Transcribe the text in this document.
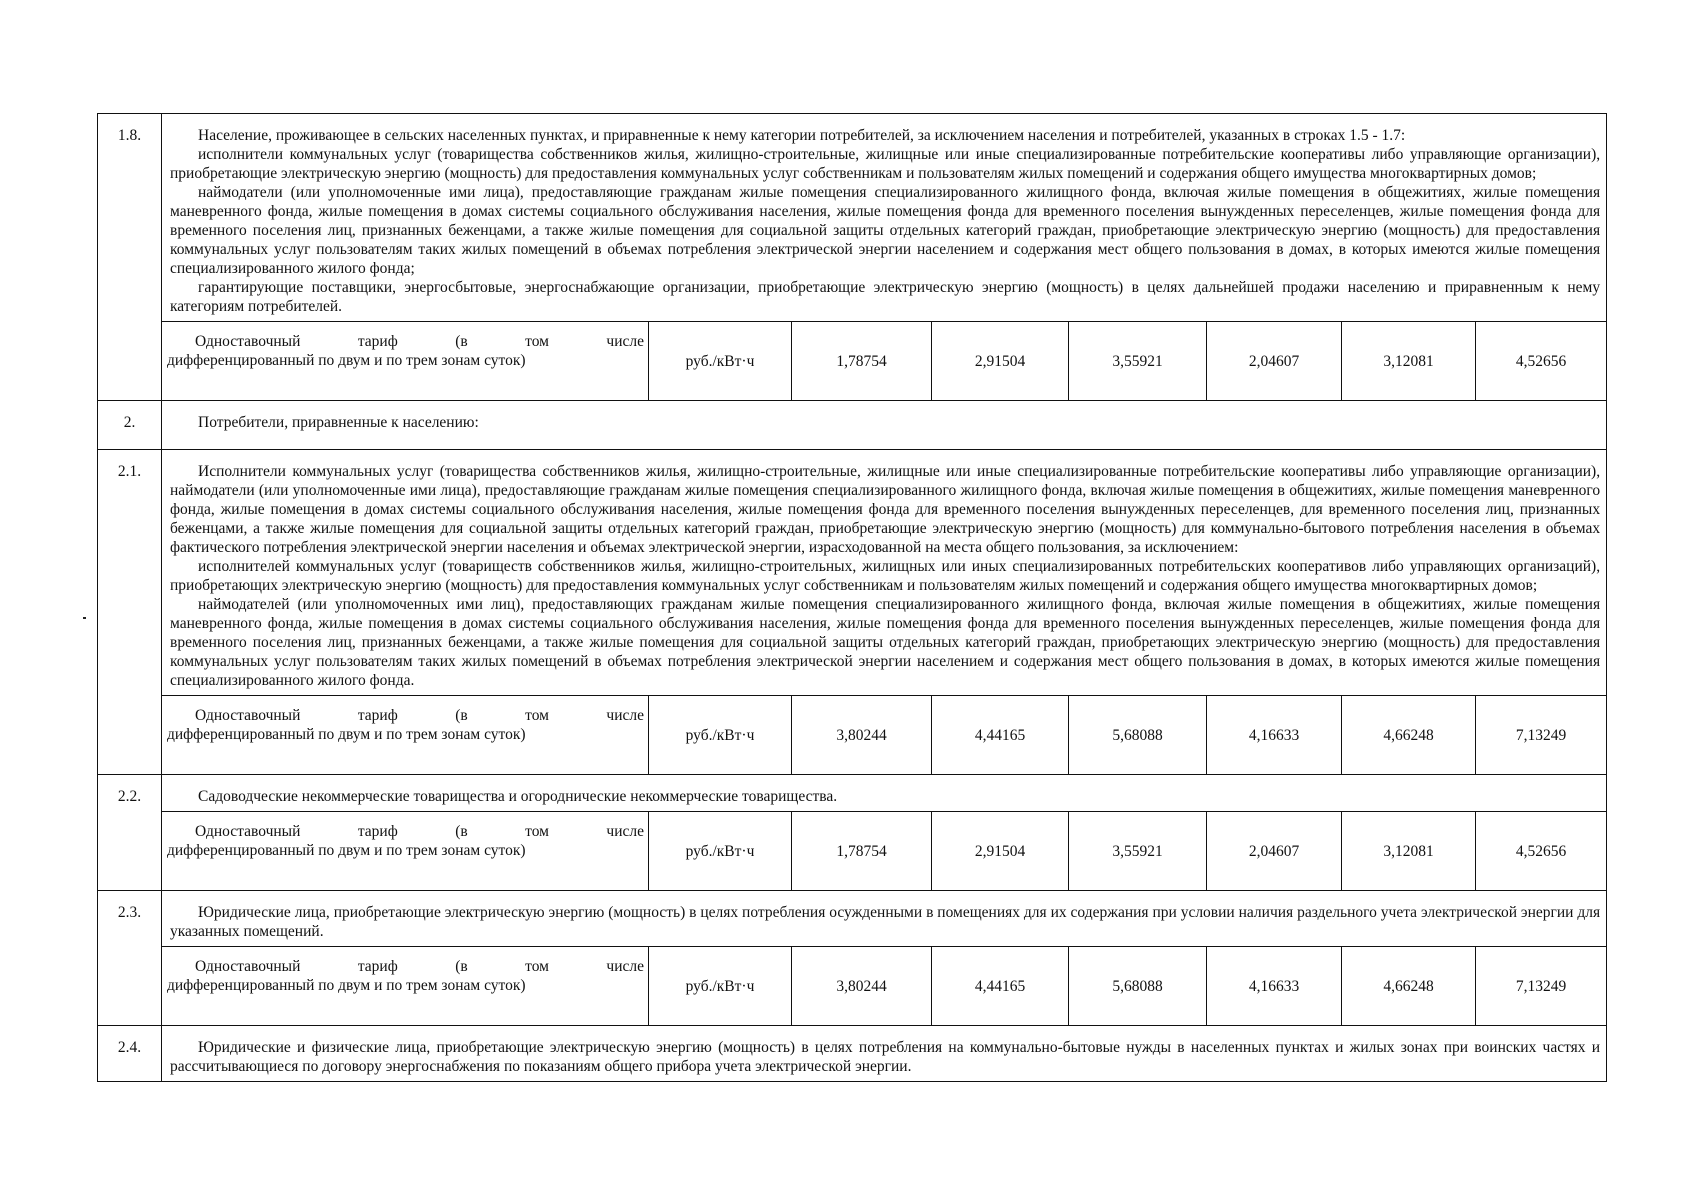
1.8.	Население, проживающее в сельских населенных пунктах, и приравненные к нему категории потребителей, за исключением населения и потребителей, указанных в строках 1.5 - 1.7:

исполнители коммунальных услуг (товарищества собственников жилья, жилищно-строительные, жилищные или иные специализированные потребительские кооперативы либо управляющие организации), приобретающие электрическую энергию (мощность) для предоставления коммунальных услуг собственникам и пользователям жилых помещений и содержания общего имущества многоквартирных домов;

наймодатели (или уполномоченные ими лица), предоставляющие гражданам жилые помещения специализированного жилищного фонда, включая жилые помещения в общежитиях, жилые помещения маневренного фонда, жилые помещения в домах системы социального обслуживания населения, жилые помещения фонда для временного поселения вынужденных переселенцев, жилые помещения фонда для временного поселения лиц, признанных беженцами, а также жилые помещения для социальной защиты отдельных категорий граждан, приобретающие электрическую энергию (мощность) для предоставления коммунальных услуг пользователям таких жилых помещений в объемах потребления электрической энергии населением и содержания мест общего пользования в домах, в которых имеются жилые помещения специализированного жилого фонда;

гарантирующие поставщики, энергосбытовые, энергоснабжающие организации, приобретающие электрическую энергию (мощность) в целях дальнейшей продажи населению и приравненным к нему категориям потребителей.							

	Одноставочный тариф (в том числе
дифференцированный по двум и по трем зонам суток)	руб./кВт·ч	1,78754	2,91504	3,55921	2,04607	3,12081	4,52656
2.	Потребители, приравненные к населению:							

2.1.	Исполнители коммунальных услуг (товарищества собственников жилья, жилищно-строительные, жилищные или иные специализированные потребительские кооперативы либо управляющие организации), наймодатели (или уполномоченные ими лица), предоставляющие гражданам жилые помещения специализированного жилищного фонда, включая жилые помещения в общежитиях, жилые помещения маневренного фонда, жилые помещения в домах системы социального обслуживания населения, жилые помещения фонда для временного поселения вынужденных переселенцев, для временного поселения лиц, признанных беженцами, а также жилые помещения для социальной защиты отдельных категорий граждан, приобретающие электрическую энергию (мощность) для коммунально-бытового потребления населения в объемах фактического потребления электрической энергии населения и объемах электрической энергии, израсходованной на места общего пользования, за исключением:

исполнителей коммунальных услуг (товариществ собственников жилья, жилищно-строительных, жилищных или иных специализированных потребительских кооперативов либо управляющих организаций), приобретающих электрическую энергию (мощность) для предоставления коммунальных услуг собственникам и пользователям жилых помещений и содержания общего имущества многоквартирных домов;

наймодателей (или уполномоченных ими лиц), предоставляющих гражданам жилые помещения специализированного жилищного фонда, включая жилые помещения в общежитиях, жилые помещения маневренного фонда, жилые помещения в домах системы социального обслуживания населения, жилые помещения фонда для временного поселения вынужденных переселенцев, жилые помещения фонда для временного поселения лиц, признанных беженцами, а также жилые помещения для социальной защиты отдельных категорий граждан, приобретающих электрическую энергию (мощность) для предоставления коммунальных услуг пользователям таких жилых помещений в объемах потребления электрической энергии населением и содержания мест общего пользования в домах, в которых имеются жилые помещения специализированного жилого фонда.							

	Одноставочный тариф (в том числе
дифференцированный по двум и по трем зонам суток)	руб./кВт·ч	3,80244	4,44165	5,68088	4,16633	4,66248	7,13249
2.2.	Садоводческие некоммерческие товарищества и огороднические некоммерческие товарищества.							

	Одноставочный тариф (в том числе
дифференцированный по двум и по трем зонам суток)	руб./кВт·ч	1,78754	2,91504	3,55921	2,04607	3,12081	4,52656
2.3.	Юридические лица, приобретающие электрическую энергию (мощность) в целях потребления осужденными в помещениях для их содержания при условии наличия раздельного учета электрической энергии для указанных помещений.							

	Одноставочный тариф (в том числе
дифференцированный по двум и по трем зонам суток)	руб./кВт·ч	3,80244	4,44165	5,68088	4,16633	4,66248	7,13249
2.4.	Юридические и физические лица, приобретающие электрическую энергию (мощность) в целях потребления на коммунально-бытовые нужды в населенных пунктах и жилых зонах при воинских частях и рассчитывающиеся по договору энергоснабжения по показаниям общего прибора учета электрической энергии.							
